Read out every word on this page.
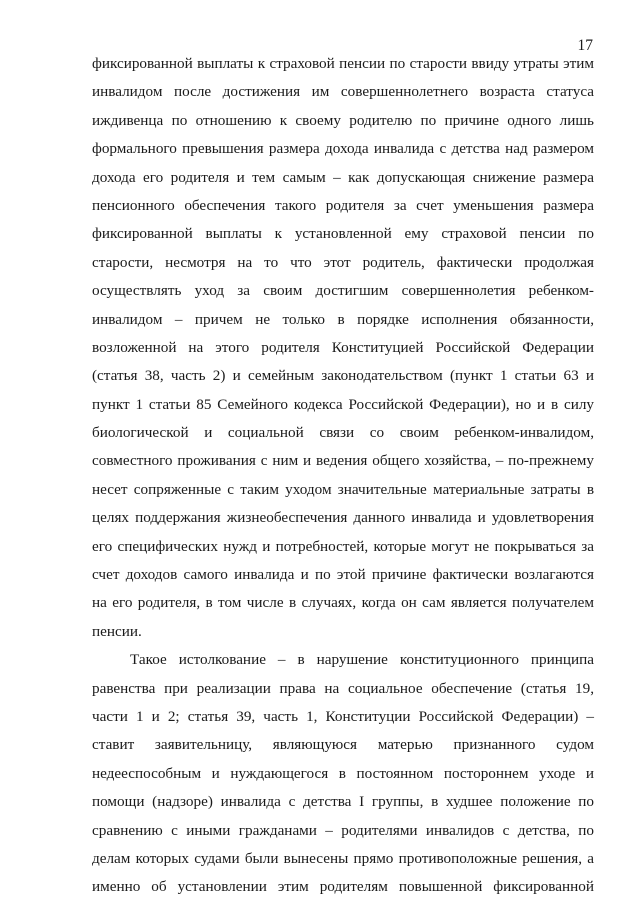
17
фиксированной выплаты к страховой пенсии по старости ввиду утраты этим
инвалидом после достижения им совершеннолетнего возраста статуса
иждивенца по отношению к своему родителю по причине одного лишь
формального превышения размера дохода инвалида с детства над размером
дохода его родителя и тем самым – как допускающая снижение размера
пенсионного обеспечения такого родителя за счет уменьшения размера
фиксированной выплаты к установленной ему страховой пенсии по
старости, несмотря на то что этот родитель, фактически продолжая
осуществлять уход за своим достигшим совершеннолетия ребенком-
инвалидом – причем не только в порядке исполнения обязанности,
возложенной на этого родителя Конституцией Российской Федерации
(статья 38, часть 2) и семейным законодательством (пункт 1 статьи 63 и
пункт 1 статьи 85 Семейного кодекса Российской Федерации), но и в силу
биологической и социальной связи со своим ребенком-инвалидом,
совместного проживания с ним и ведения общего хозяйства, – по-прежнему
несет сопряженные с таким уходом значительные материальные затраты в
целях поддержания жизнеобеспечения данного инвалида и удовлетворения
его специфических нужд и потребностей, которые могут не покрываться за
счет доходов самого инвалида и по этой причине фактически возлагаются
на его родителя, в том числе в случаях, когда он сам является получателем
пенсии.
Такое истолкование – в нарушение конституционного принципа
равенства при реализации права на социальное обеспечение (статья 19,
части 1 и 2; статья 39, часть 1, Конституции Российской Федерации) –
ставит заявительницу, являющуюся матерью признанного судом
недееспособным и нуждающегося в постоянном постороннем уходе и
помощи (надзоре) инвалида с детства I группы, в худшее положение по
сравнению с иными гражданами – родителями инвалидов с детства, по
делам которых судами были вынесены прямо противоположные решения, а
именно об установлении этим родителям повышенной фиксированной
